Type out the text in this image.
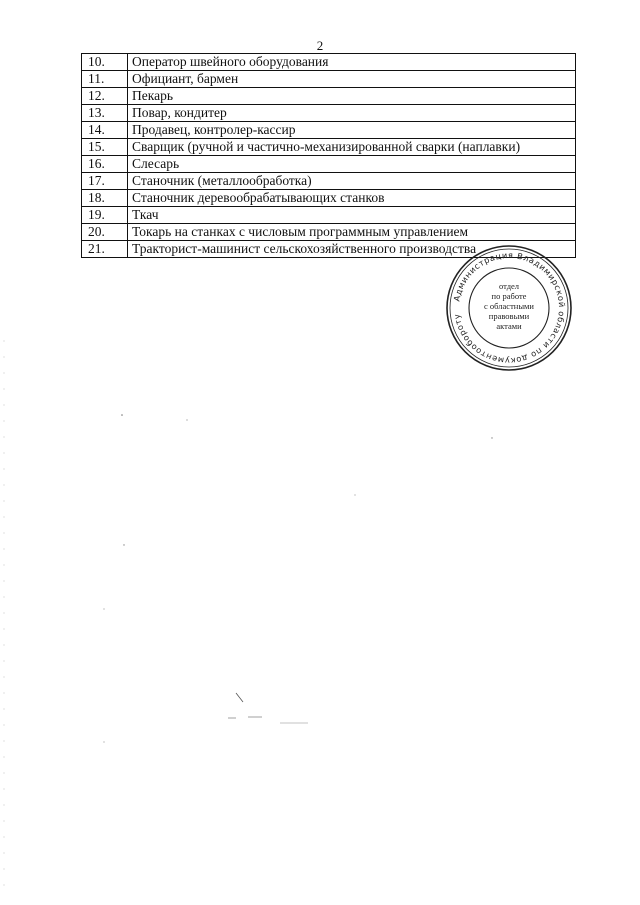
2
10.	Оператор швейного оборудования
11.	Официант, бармен
12.	Пекарь
13.	Повар, кондитер
14.	Продавец, контролер-кассир
15.	Сварщик (ручной и частично-механизированной сварки (наплавки)
16.	Слесарь
17.	Станочник (металлообработка)
18.	Станочник деревообрабатывающих станков
19.	Ткач
20.	Токарь на станках с числовым программным управлением
21.	Тракторист-машинист сельскохозяйственного производства
Администрация Владимирской области по документообороту
отдел
по работе
с областными
правовыми
актами
